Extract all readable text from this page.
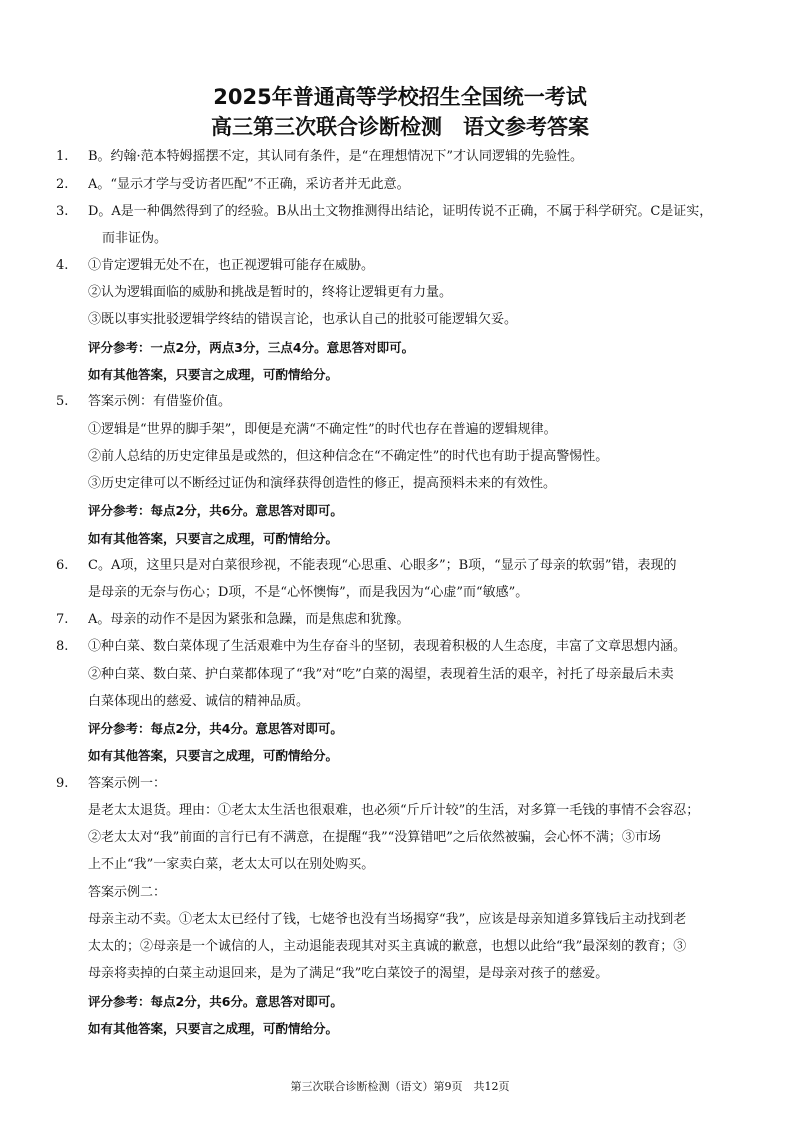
2025年普通高等学校招生全国统一考试
高三第三次联合诊断检测　语文参考答案
1. B。约翰·范本特姆摇摆不定，其认同有条件，是“在理想情况下”才认同逻辑的先验性。
2. A。“显示才学与受访者匹配”不正确，采访者并无此意。
3. D。A是一种偶然得到了的经验。B从出土文物推测得出结论，证明传说不正确，不属于科学研究。C是证实，
而非证伪。
4. ①肯定逻辑无处不在，也正视逻辑可能存在威胁。
②认为逻辑面临的威胁和挑战是暂时的，终将让逻辑更有力量。
③既以事实批驳逻辑学终结的错误言论，也承认自己的批驳可能逻辑欠妥。
评分参考：一点2分，两点3分，三点4分。意思答对即可。
如有其他答案，只要言之成理，可酌情给分。
5. 答案示例：有借鉴价值。
①逻辑是“世界的脚手架”，即便是充满“不确定性”的时代也存在普遍的逻辑规律。
②前人总结的历史定律虽是或然的，但这种信念在“不确定性”的时代也有助于提高警惕性。
③历史定律可以不断经过证伪和演绎获得创造性的修正，提高预料未来的有效性。
评分参考：每点2分，共6分。意思答对即可。
如有其他答案，只要言之成理，可酌情给分。
6. C。A项，这里只是对白菜很珍视，不能表现“心思重、心眼多”；B项，“显示了母亲的软弱”错，表现的
是母亲的无奈与伤心；D项，不是“心怀懊悔”，而是我因为“心虚”而“敏感”。
7. A。母亲的动作不是因为紧张和急躁，而是焦虑和犹豫。
8. ①种白菜、数白菜体现了生活艰难中为生存奋斗的坚韧，表现着积极的人生态度，丰富了文章思想内涵。
②种白菜、数白菜、护白菜都体现了“我”对“吃”白菜的渴望，表现着生活的艰辛，衬托了母亲最后未卖
白菜体现出的慈爱、诚信的精神品质。
评分参考：每点2分，共4分。意思答对即可。
如有其他答案，只要言之成理，可酌情给分。
9. 答案示例一：
是老太太退货。理由：①老太太生活也很艰难，也必须“斤斤计较”的生活，对多算一毛钱的事情不会容忍；
②老太太对“我”前面的言行已有不满意，在提醒“我”“没算错吧”之后依然被骗，会心怀不满；③市场
上不止“我”一家卖白菜，老太太可以在别处购买。
答案示例二：
母亲主动不卖。①老太太已经付了钱，七姥爷也没有当场揭穿“我”，应该是母亲知道多算钱后主动找到老
太太的；②母亲是一个诚信的人，主动退能表现其对买主真诚的歉意，也想以此给“我”最深刻的教育；③
母亲将卖掉的白菜主动退回来，是为了满足“我”吃白菜饺子的渴望，是母亲对孩子的慈爱。
评分参考：每点2分，共6分。意思答对即可。
如有其他答案，只要言之成理，可酌情给分。
第三次联合诊断检测（语文）第9页　共12页
